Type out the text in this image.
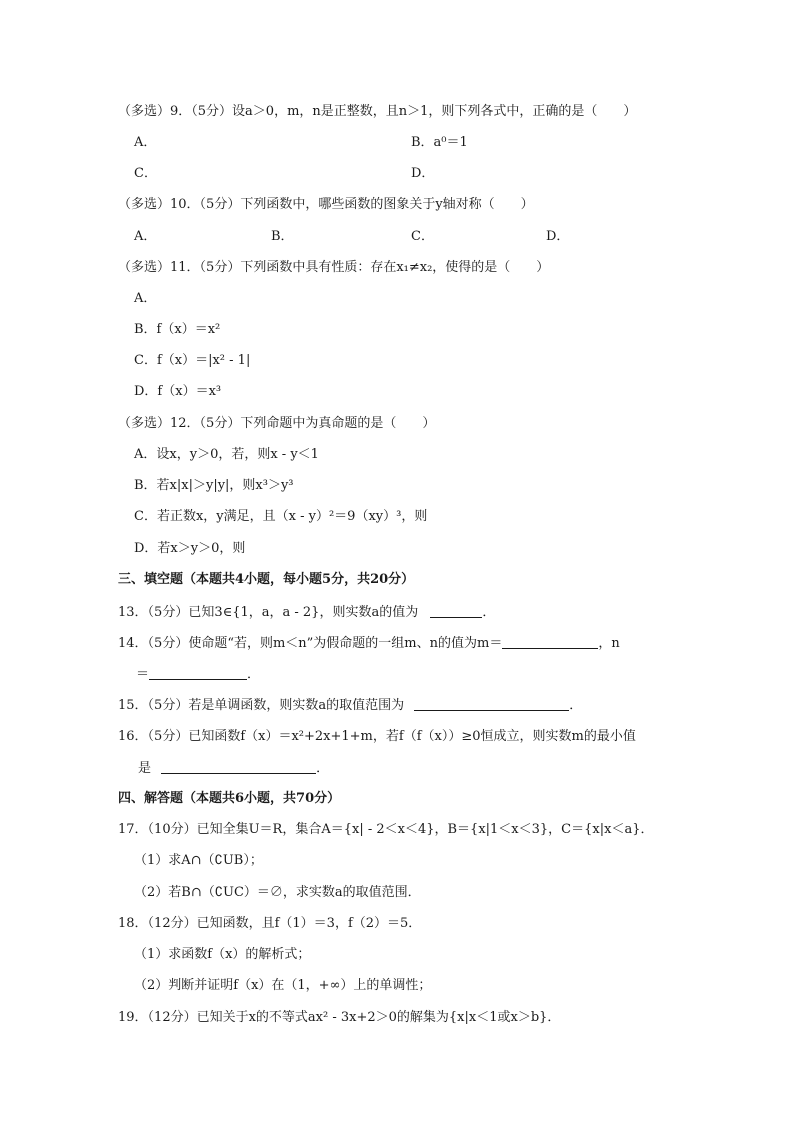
（多选）9．（5分）设a＞0，m，n是正整数，且n＞1，则下列各式中，正确的是（　　）
A．	B．a⁰＝1
C．	D．
（多选）10．（5分）下列函数中，哪些函数的图象关于y轴对称（　　）
A．	B．	C．	D．
（多选）11．（5分）下列函数中具有性质：存在x₁≠x₂，使得的是（　　）
A．
B．f（x）＝x²
C．f（x）＝|x² - 1|
D．f（x）＝x³
（多选）12．（5分）下列命题中为真命题的是（　　）
A．设x，y＞0，若，则x - y＜1
B．若x|x|＞y|y|，则x³＞y³
C．若正数x，y满足，且（x - y）²＝9（xy）³，则
D．若x＞y＞0，则
三、填空题（本题共4小题，每小题5分，共20分）
13．（5分）已知3∈{1，a，a - 2}，则实数a的值为	．
14．（5分）使命题“若，则m＜n”为假命题的一组m、n的值为m＝	，n
＝	．
15．（5分）若是单调函数，则实数a的取值范围为	．
16．（5分）已知函数f（x）＝x²+2x+1+m，若f（f（x））≥0恒成立，则实数m的最小值
是	．
四、解答题（本题共6小题，共70分）
17．（10分）已知全集U＝R，集合A＝{x| - 2＜x＜4}，B＝{x|1＜x＜3}，C＝{x|x＜a}．
（1）求A∩（∁UB）；
（2）若B∩（∁UC）＝∅，求实数a的取值范围．
18．（12分）已知函数，且f（1）＝3，f（2）＝5．
（1）求函数f（x）的解析式；
（2）判断并证明f（x）在（1，+∞）上的单调性；
19．（12分）已知关于x的不等式ax² - 3x+2＞0的解集为{x|x＜1或x＞b}．
